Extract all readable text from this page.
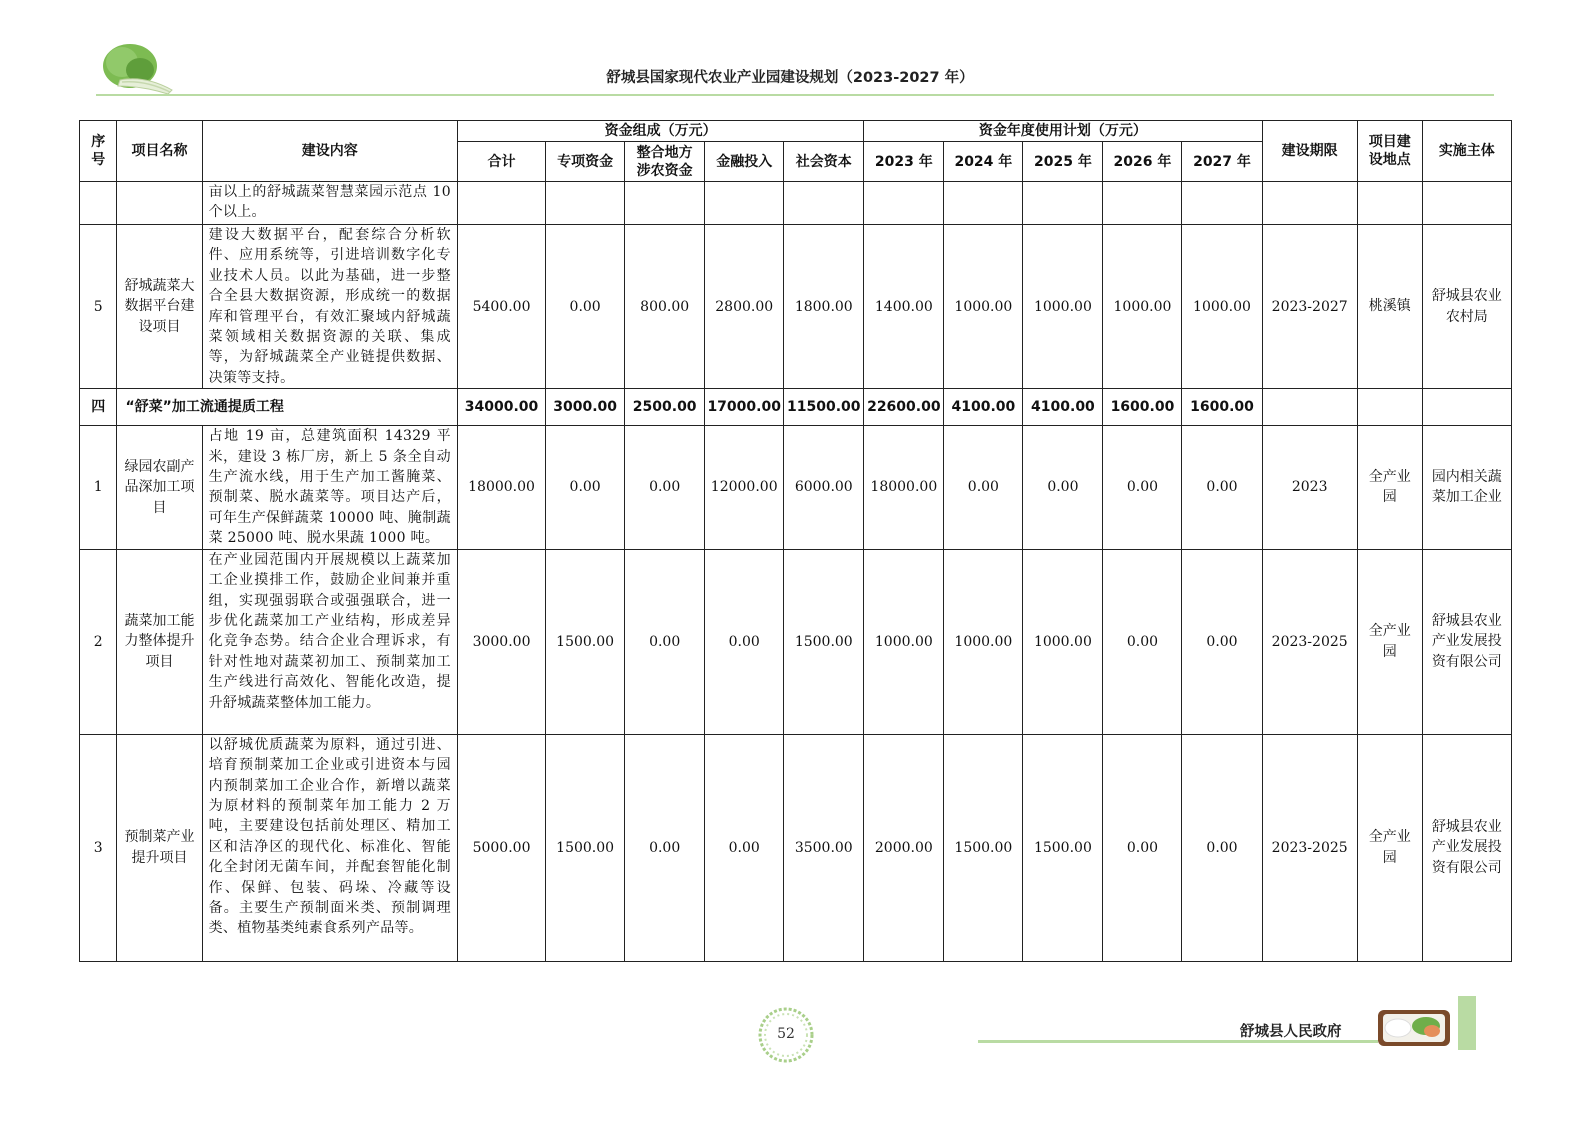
舒城县国家现代农业产业园建设规划（2023-2027 年）
序号	项目名称	建设内容	资金组成（万元）					资金年度使用计划（万元）					建设期限	项目建设地点	实施主体
			合计	专项资金	整合地方涉农资金	金融投入	社会资本	2023 年	2024 年	2025 年	2026 年	2027 年			
		亩以上的舒城蔬菜智慧菜园示范点 10 个以上。													
5	舒城蔬菜大数据平台建设项目	建设大数据平台，配套综合分析软件、应用系统等，引进培训数字化专业技术人员。以此为基础，进一步整合全县大数据资源，形成统一的数据库和管理平台，有效汇聚域内舒城蔬菜领域相关数据资源的关联、集成等，为舒城蔬菜全产业链提供数据、决策等支持。	5400.00	0.00	800.00	2800.00	1800.00	1400.00	1000.00	1000.00	1000.00	1000.00	2023-2027	桃溪镇	舒城县农业农村局
四	“舒菜”加工流通提质工程		34000.00	3000.00	2500.00	17000.00	11500.00	22600.00	4100.00	4100.00	1600.00	1600.00			
1	绿园农副产品深加工项目	占地 19 亩，总建筑面积 14329 平米，建设 3 栋厂房，新上 5 条全自动生产流水线，用于生产加工酱腌菜、预制菜、脱水蔬菜等。项目达产后，可年生产保鲜蔬菜 10000 吨、腌制蔬菜 25000 吨、脱水果蔬 1000 吨。	18000.00	0.00	0.00	12000.00	6000.00	18000.00	0.00	0.00	0.00	0.00	2023	全产业园	园内相关蔬菜加工企业
2	蔬菜加工能力整体提升项目	在产业园范围内开展规模以上蔬菜加工企业摸排工作，鼓励企业间兼并重组，实现强弱联合或强强联合，进一步优化蔬菜加工产业结构，形成差异化竞争态势。结合企业合理诉求，有针对性地对蔬菜初加工、预制菜加工生产线进行高效化、智能化改造，提升舒城蔬菜整体加工能力。	3000.00	1500.00	0.00	0.00	1500.00	1000.00	1000.00	1000.00	0.00	0.00	2023-2025	全产业园	舒城县农业产业发展投资有限公司
3	预制菜产业提升项目	以舒城优质蔬菜为原料，通过引进、培育预制菜加工企业或引进资本与园内预制菜加工企业合作，新增以蔬菜为原材料的预制菜年加工能力 2 万吨，主要建设包括前处理区、精加工区和洁净区的现代化、标准化、智能化全封闭无菌车间，并配套智能化制作、保鲜、包装、码垛、冷藏等设备。主要生产预制面米类、预制调理类、植物基类纯素食系列产品等。	5000.00	1500.00	0.00	0.00	3500.00	2000.00	1500.00	1500.00	0.00	0.00	2023-2025	全产业园	舒城县农业产业发展投资有限公司
52	舒城县人民政府
